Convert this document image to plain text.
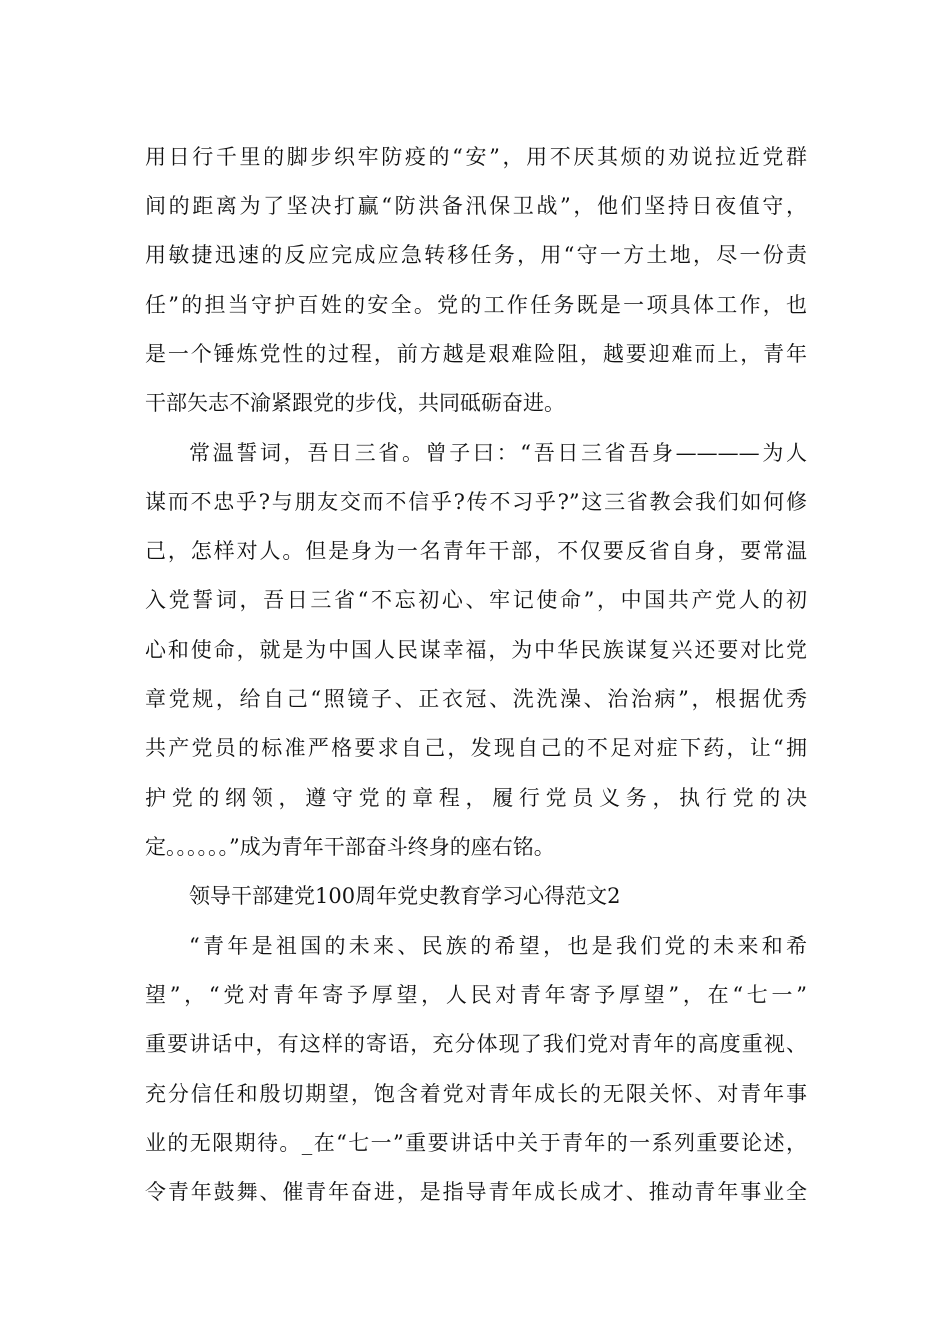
用日行千里的脚步织牢防疫的“安”，用不厌其烦的劝说拉近党群
间的距离为了坚决打赢“防洪备汛保卫战”，他们坚持日夜值守，
用敏捷迅速的反应完成应急转移任务，用“守一方土地，尽一份责
任”的担当守护百姓的安全。党的工作任务既是一项具体工作，也
是一个锤炼党性的过程，前方越是艰难险阻，越要迎难而上，青年
干部矢志不渝紧跟党的步伐，共同砥砺奋进。
常温誓词，吾日三省。曾子曰：“吾日三省吾身————为人
谋而不忠乎?与朋友交而不信乎?传不习乎?”这三省教会我们如何修
己，怎样对人。但是身为一名青年干部，不仅要反省自身，要常温
入党誓词，吾日三省“不忘初心、牢记使命”，中国共产党人的初
心和使命，就是为中国人民谋幸福，为中华民族谋复兴还要对比党
章党规，给自己“照镜子、正衣冠、洗洗澡、治治病”，根据优秀
共产党员的标准严格要求自己，发现自己的不足对症下药，让“拥
护党的纲领，遵守党的章程，履行党员义务，执行党的决
定。。。。。。”成为青年干部奋斗终身的座右铭。
领导干部建党100周年党史教育学习心得范文2
“青年是祖国的未来、民族的希望，也是我们党的未来和希
望”，“党对青年寄予厚望，人民对青年寄予厚望”，在“七一”
重要讲话中，有这样的寄语，充分体现了我们党对青年的高度重视、
充分信任和殷切期望，饱含着党对青年成长的无限关怀、对青年事
业的无限期待。_在“七一”重要讲话中关于青年的一系列重要论述，
令青年鼓舞、催青年奋进，是指导青年成长成才、推动青年事业全
